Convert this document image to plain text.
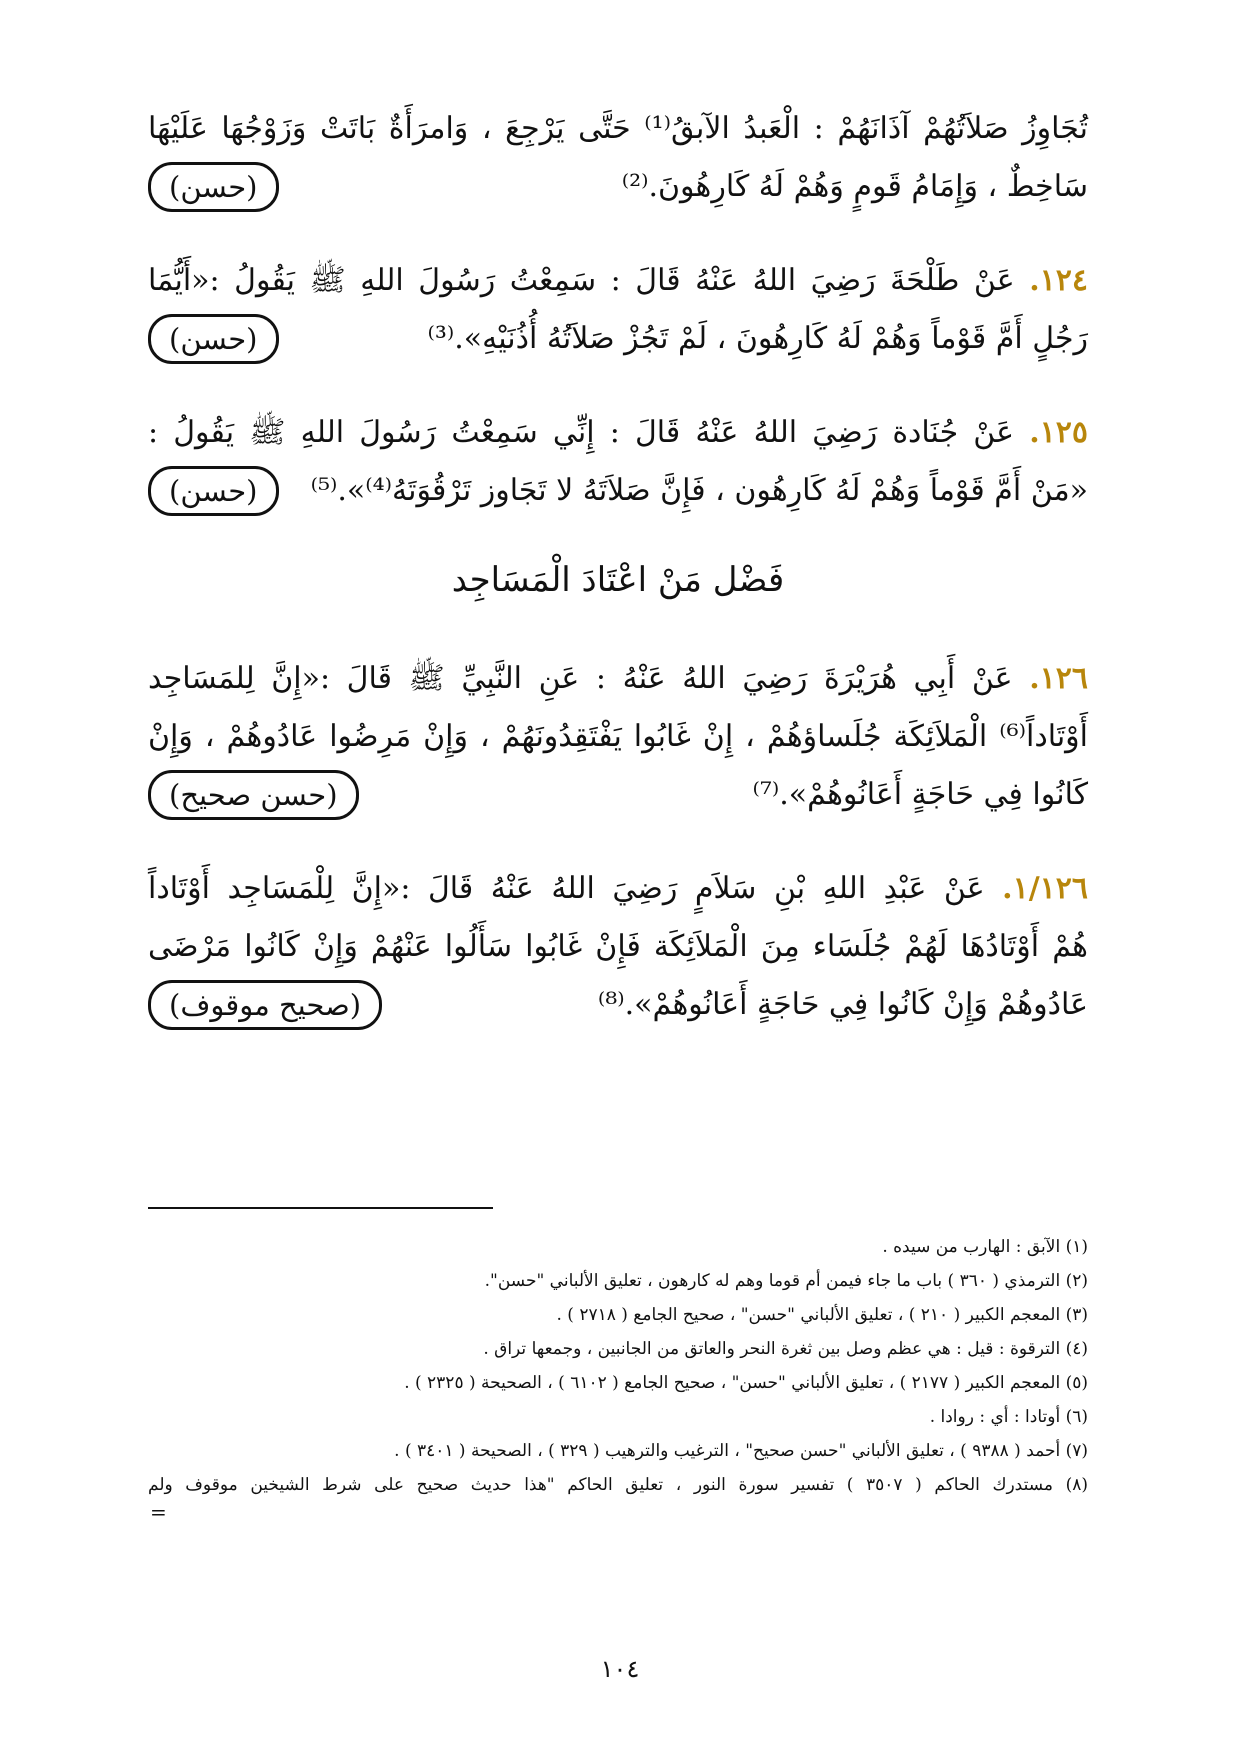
تُجَاوِزُ صَلاَتُهُمْ آذَانَهُمْ : الْعَبدُ الآبقُ⁽¹⁾ حَتَّى يَرْجِعَ ، وَامرَأَةٌ بَاتَتْ وَزَوْجُهَا عَلَيْهَا
سَاخِطٌ ، وَإِمَامُ قَومٍ وَهُمْ لَهُ كَارِهُونَ.⁽²⁾
(حسن)
١٢٤. عَنْ طَلْحَةَ رَضِيَ اللهُ عَنْهُ قَالَ : سَمِعْتُ رَسُولَ اللهِ ﷺ يَقُولُ :«أَيُّمَا
رَجُلٍ أَمَّ قَوْماً وَهُمْ لَهُ كَارِهُونَ ، لَمْ تَجُزْ صَلاَتُهُ أُذُنَيْهِ».⁽³⁾
(حسن)
١٢٥. عَنْ جُنَادة رَضِيَ اللهُ عَنْهُ قَالَ : إِنِّي سَمِعْتُ رَسُولَ اللهِ ﷺ يَقُولُ :
«مَنْ أَمَّ قَوْماً وَهُمْ لَهُ كَارِهُون ، فَإِنَّ صَلاَتَهُ لا تَجَاوز تَرْقُوَتَهُ⁽⁴⁾».⁽⁵⁾
(حسن)
فَضْل مَنْ اعْتَادَ الْمَسَاجِد
١٢٦. عَنْ أَبِي هُرَيْرَةَ رَضِيَ اللهُ عَنْهُ : عَنِ النَّبِيِّ ﷺ قَالَ :«إِنَّ لِلمَسَاجِد
أَوْتَاداً⁽⁶⁾ الْمَلاَئِكَة جُلَساؤهُمْ ، إِنْ غَابُوا يَفْتَقِدُونَهُمْ ، وَإِنْ مَرِضُوا عَادُوهُمْ ، وَإِنْ
كَانُوا فِي حَاجَةٍ أَعَانُوهُمْ».⁽⁷⁾
(حسن صحيح)
١/١٢٦. عَنْ عَبْدِ اللهِ بْنِ سَلاَمٍ رَضِيَ اللهُ عَنْهُ قَالَ :«إِنَّ لِلْمَسَاجِد أَوْتَاداً
هُمْ أَوْتَادُهَا لَهُمْ جُلَسَاء مِنَ الْمَلاَئِكَة فَإِنْ غَابُوا سَأَلُوا عَنْهُمْ وَإِنْ كَانُوا مَرْضَى
عَادُوهُمْ وَإِنْ كَانُوا فِي حَاجَةٍ أَعَانُوهُمْ».⁽⁸⁾
(صحيح موقوف)
(١) الآبق : الهارب من سيده .
(٢) الترمذي ( ٣٦٠ ) باب ما جاء فيمن أم قوما وهم له كارهون ، تعليق الألباني "حسن".
(٣) المعجم الكبير ( ٢١٠ ) ، تعليق الألباني "حسن" ، صحيح الجامع ( ٢٧١٨ ) .
(٤) الترقوة : قيل : هي عظم وصل بين ثغرة النحر والعاتق من الجانبين ، وجمعها تراق .
(٥) المعجم الكبير ( ٢١٧٧ ) ، تعليق الألباني "حسن" ، صحيح الجامع ( ٦١٠٢ ) ، الصحيحة ( ٢٣٢٥ ) .
(٦) أوتادا : أي : روادا .
(٧) أحمد ( ٩٣٨٨ ) ، تعليق الألباني "حسن صحيح" ، الترغيب والترهيب ( ٣٢٩ ) ، الصحيحة ( ٣٤٠١ ) .
(٨) مستدرك الحاكم ( ٣٥٠٧ ) تفسير سورة النور ، تعليق الحاكم "هذا حديث صحيح على شرط الشيخين موقوف ولم
=
١٠٤
